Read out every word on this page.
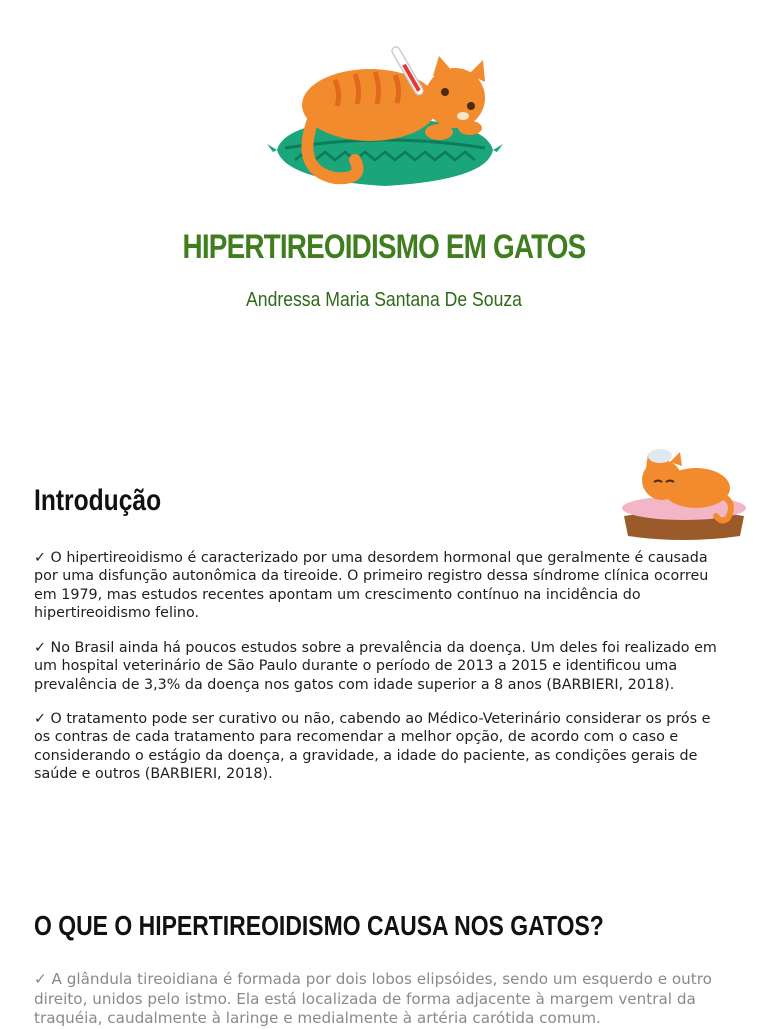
HIPERTIREOIDISMO EM GATOS
Andressa Maria Santana De Souza
Introdução
✓ O hipertireoidismo é caracterizado por uma desordem hormonal que geralmente é causada por uma disfunção autonômica da tireoide. O primeiro registro dessa síndrome clínica ocorreu em 1979, mas estudos recentes apontam um crescimento contínuo na incidência do hipertireoidismo felino.
✓ No Brasil ainda há poucos estudos sobre a prevalência da doença. Um deles foi realizado em um hospital veterinário de São Paulo durante o período de 2013 a 2015 e identificou uma prevalência de 3,3% da doença nos gatos com idade superior a 8 anos (BARBIERI, 2018).
✓ O tratamento pode ser curativo ou não, cabendo ao Médico-Veterinário considerar os prós e os contras de cada tratamento para recomendar a melhor opção, de acordo com o caso e considerando o estágio da doença, a gravidade, a idade do paciente, as condições gerais de saúde e outros (BARBIERI, 2018).
O QUE O HIPERTIREOIDISMO CAUSA NOS GATOS?
✓ A glândula tireoidiana é formada por dois lobos elipsóides, sendo um esquerdo e outro direito, unidos pelo istmo. Ela está localizada de forma adjacente à margem ventral da traquéia, caudalmente à laringe e medialmente à artéria carótida comum.
